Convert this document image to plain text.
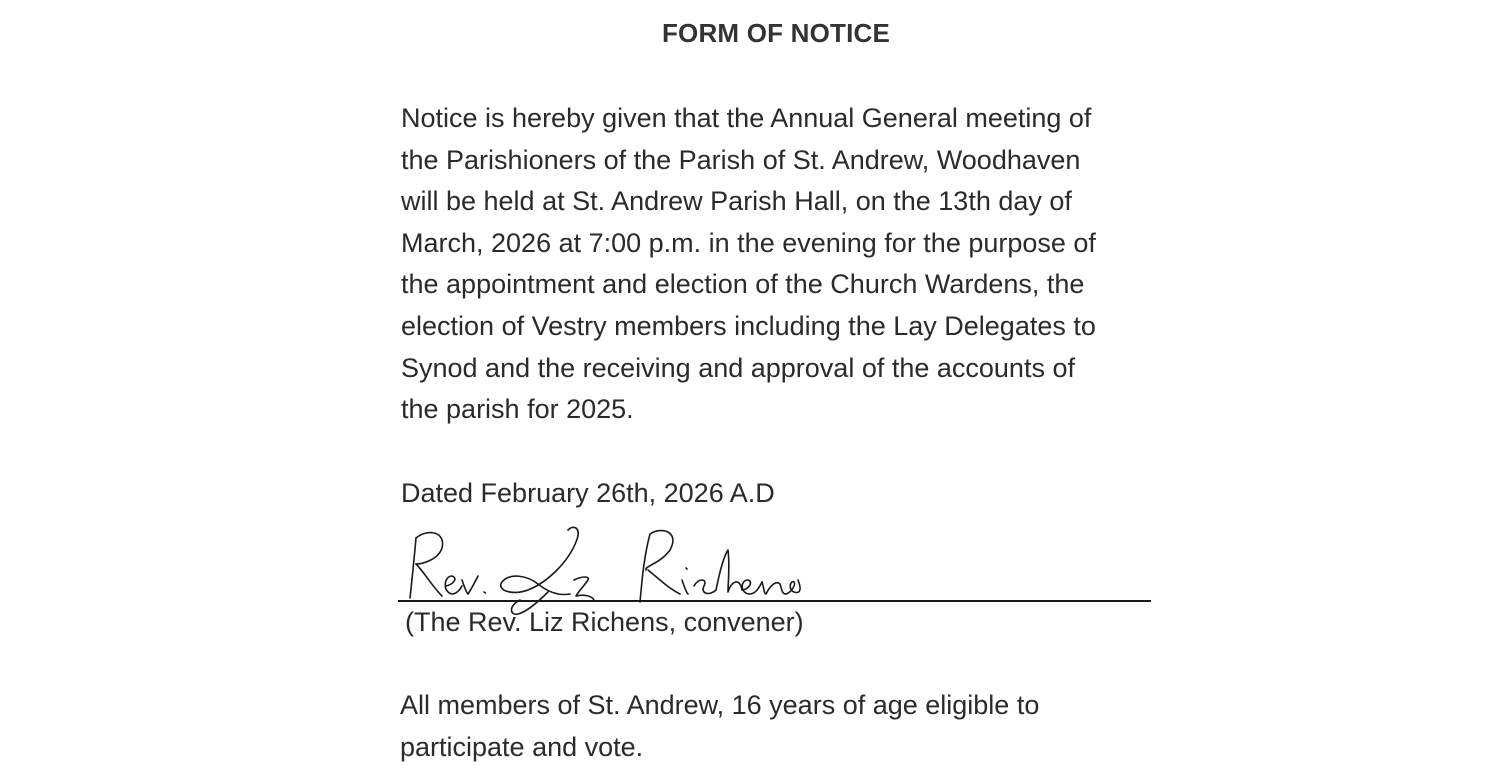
FORM OF NOTICE
Notice is hereby given that the Annual General meeting of
the Parishioners of the Parish of St. Andrew, Woodhaven
will be held at St. Andrew Parish Hall, on the 13th day of
March, 2026 at 7:00 p.m. in the evening for the purpose of
the appointment and election of the Church Wardens, the
election of Vestry members including the Lay Delegates to
Synod and the receiving and approval of the accounts of
the parish for 2025.
Dated February 26th, 2026 A.D
(The Rev. Liz Richens, convener)
All members of St. Andrew, 16 years of age eligible to
participate and vote.
